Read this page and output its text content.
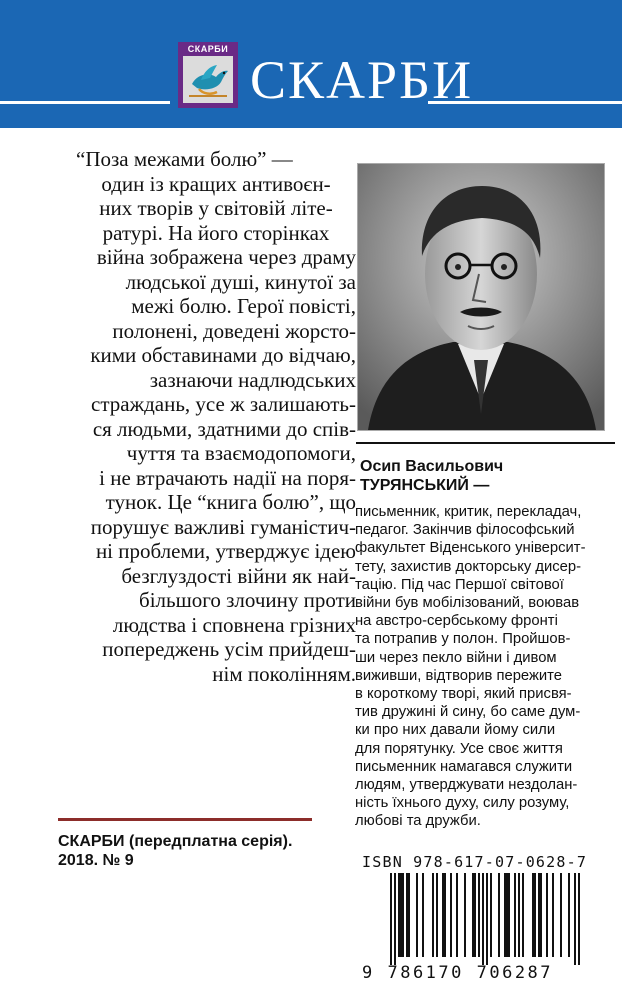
СКАРБИ
СКАРБИ
“Поза межами болю” —
один із кращих антивоєн-
них творів у світовій літе-
ратурі. На його сторінках
війна зображена через драму
людської душі, кинутої за
межі болю. Герої повісті,
полонені, доведені жорсто-
кими обставинами до відчаю,
зазнаючи надлюдських
страждань, усе ж залишають-
ся людьми, здатними до спів-
чуття та взаємодопомоги,
і не втрачають надії на поря-
тунок. Це “книга болю”, що
порушує важливі гуманістич-
ні проблеми, утверджує ідею
безглуздості війни як най-
більшого злочину проти
людства і сповнена грізних
попереджень усім прийдеш-
нім поколінням.
СКАРБИ (передплатна серія).
2018. № 9
Осип Васильович
ТУРЯНСЬКИЙ —
письменник, критик, перекладач,
педагог. Закінчив філософський
факультет Віденського університ-
тету, захистив докторську дисер-
тацію. Під час Першої світової
війни був мобілізований, воював
на австро-сербському фронті
та потрапив у полон. Пройшов-
ши через пекло війни і дивом
виживши, відтворив пережите
в короткому творі, який присвя-
тив дружині й сину, бо саме дум-
ки про них давали йому сили
для порятунку. Усе своє життя
письменник намагався служити
людям, утверджувати нездолан-
ність їхнього духу, силу розуму,
любові та дружби.
ISBN 978-617-07-0628-7
9 786170 706287
